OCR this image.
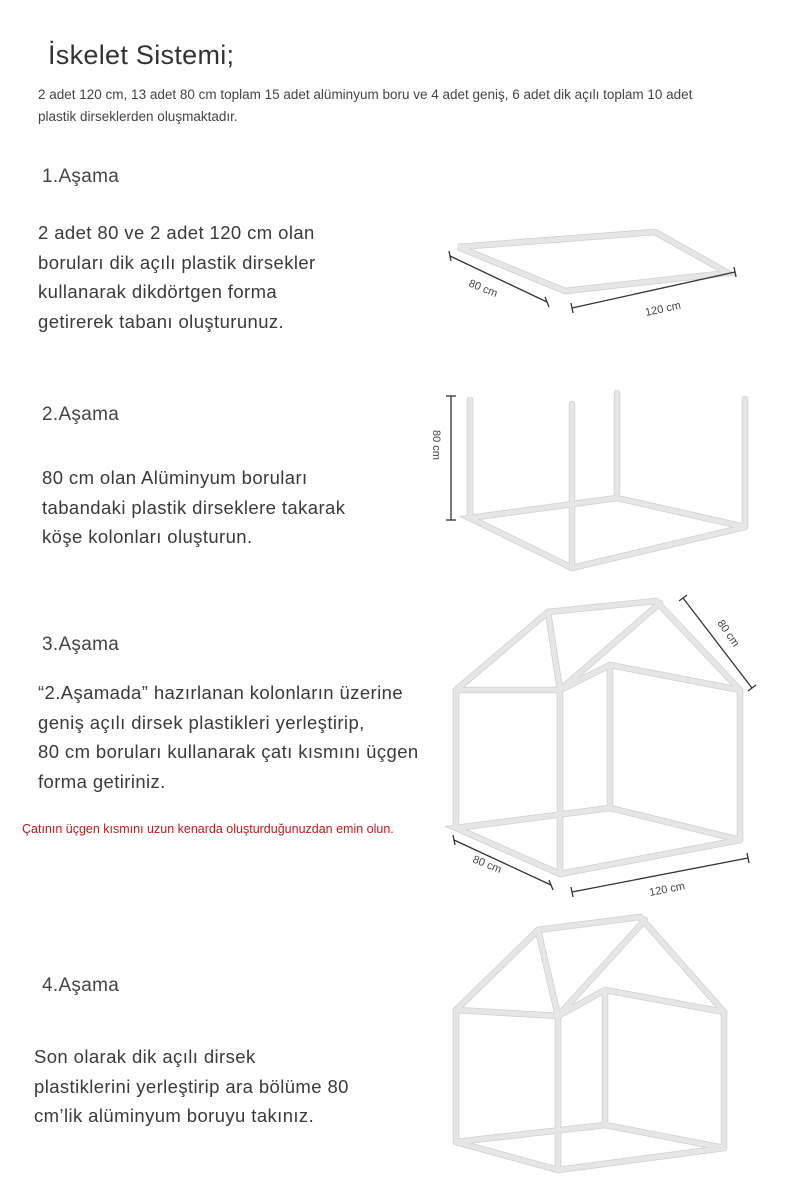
İskelet Sistemi;

2 adet 120 cm, 13 adet 80 cm toplam 15 adet alüminyum boru ve 4 adet geniş, 6 adet dik açılı toplam 10 adet plastik dirseklerden oluşmaktadır.

1.Aşama
2 adet 80 ve 2 adet 120 cm olan
boruları dik açılı plastik dirsekler
kullanarak dikdörtgen forma
getirerek tabanı oluşturunuz.
2.Aşama
80 cm olan Alüminyum boruları
tabandaki plastik dirseklere takarak
köşe kolonları oluşturun.
3.Aşama
“2.Aşamada” hazırlanan kolonların üzerine
geniş açılı dirsek plastikleri yerleştirip,
80 cm boruları kullanarak çatı kısmını üçgen
forma getiriniz.
Çatının üçgen kısmını uzun kenarda oluşturduğunuzdan emin olun.
4.Aşama
Son olarak dik açılı dirsek
plastiklerini yerleştirip ara bölüme 80
cm’lik alüminyum boruyu takınız.
80 cm
120 cm
80 cm
80 cm
80 cm
120 cm
